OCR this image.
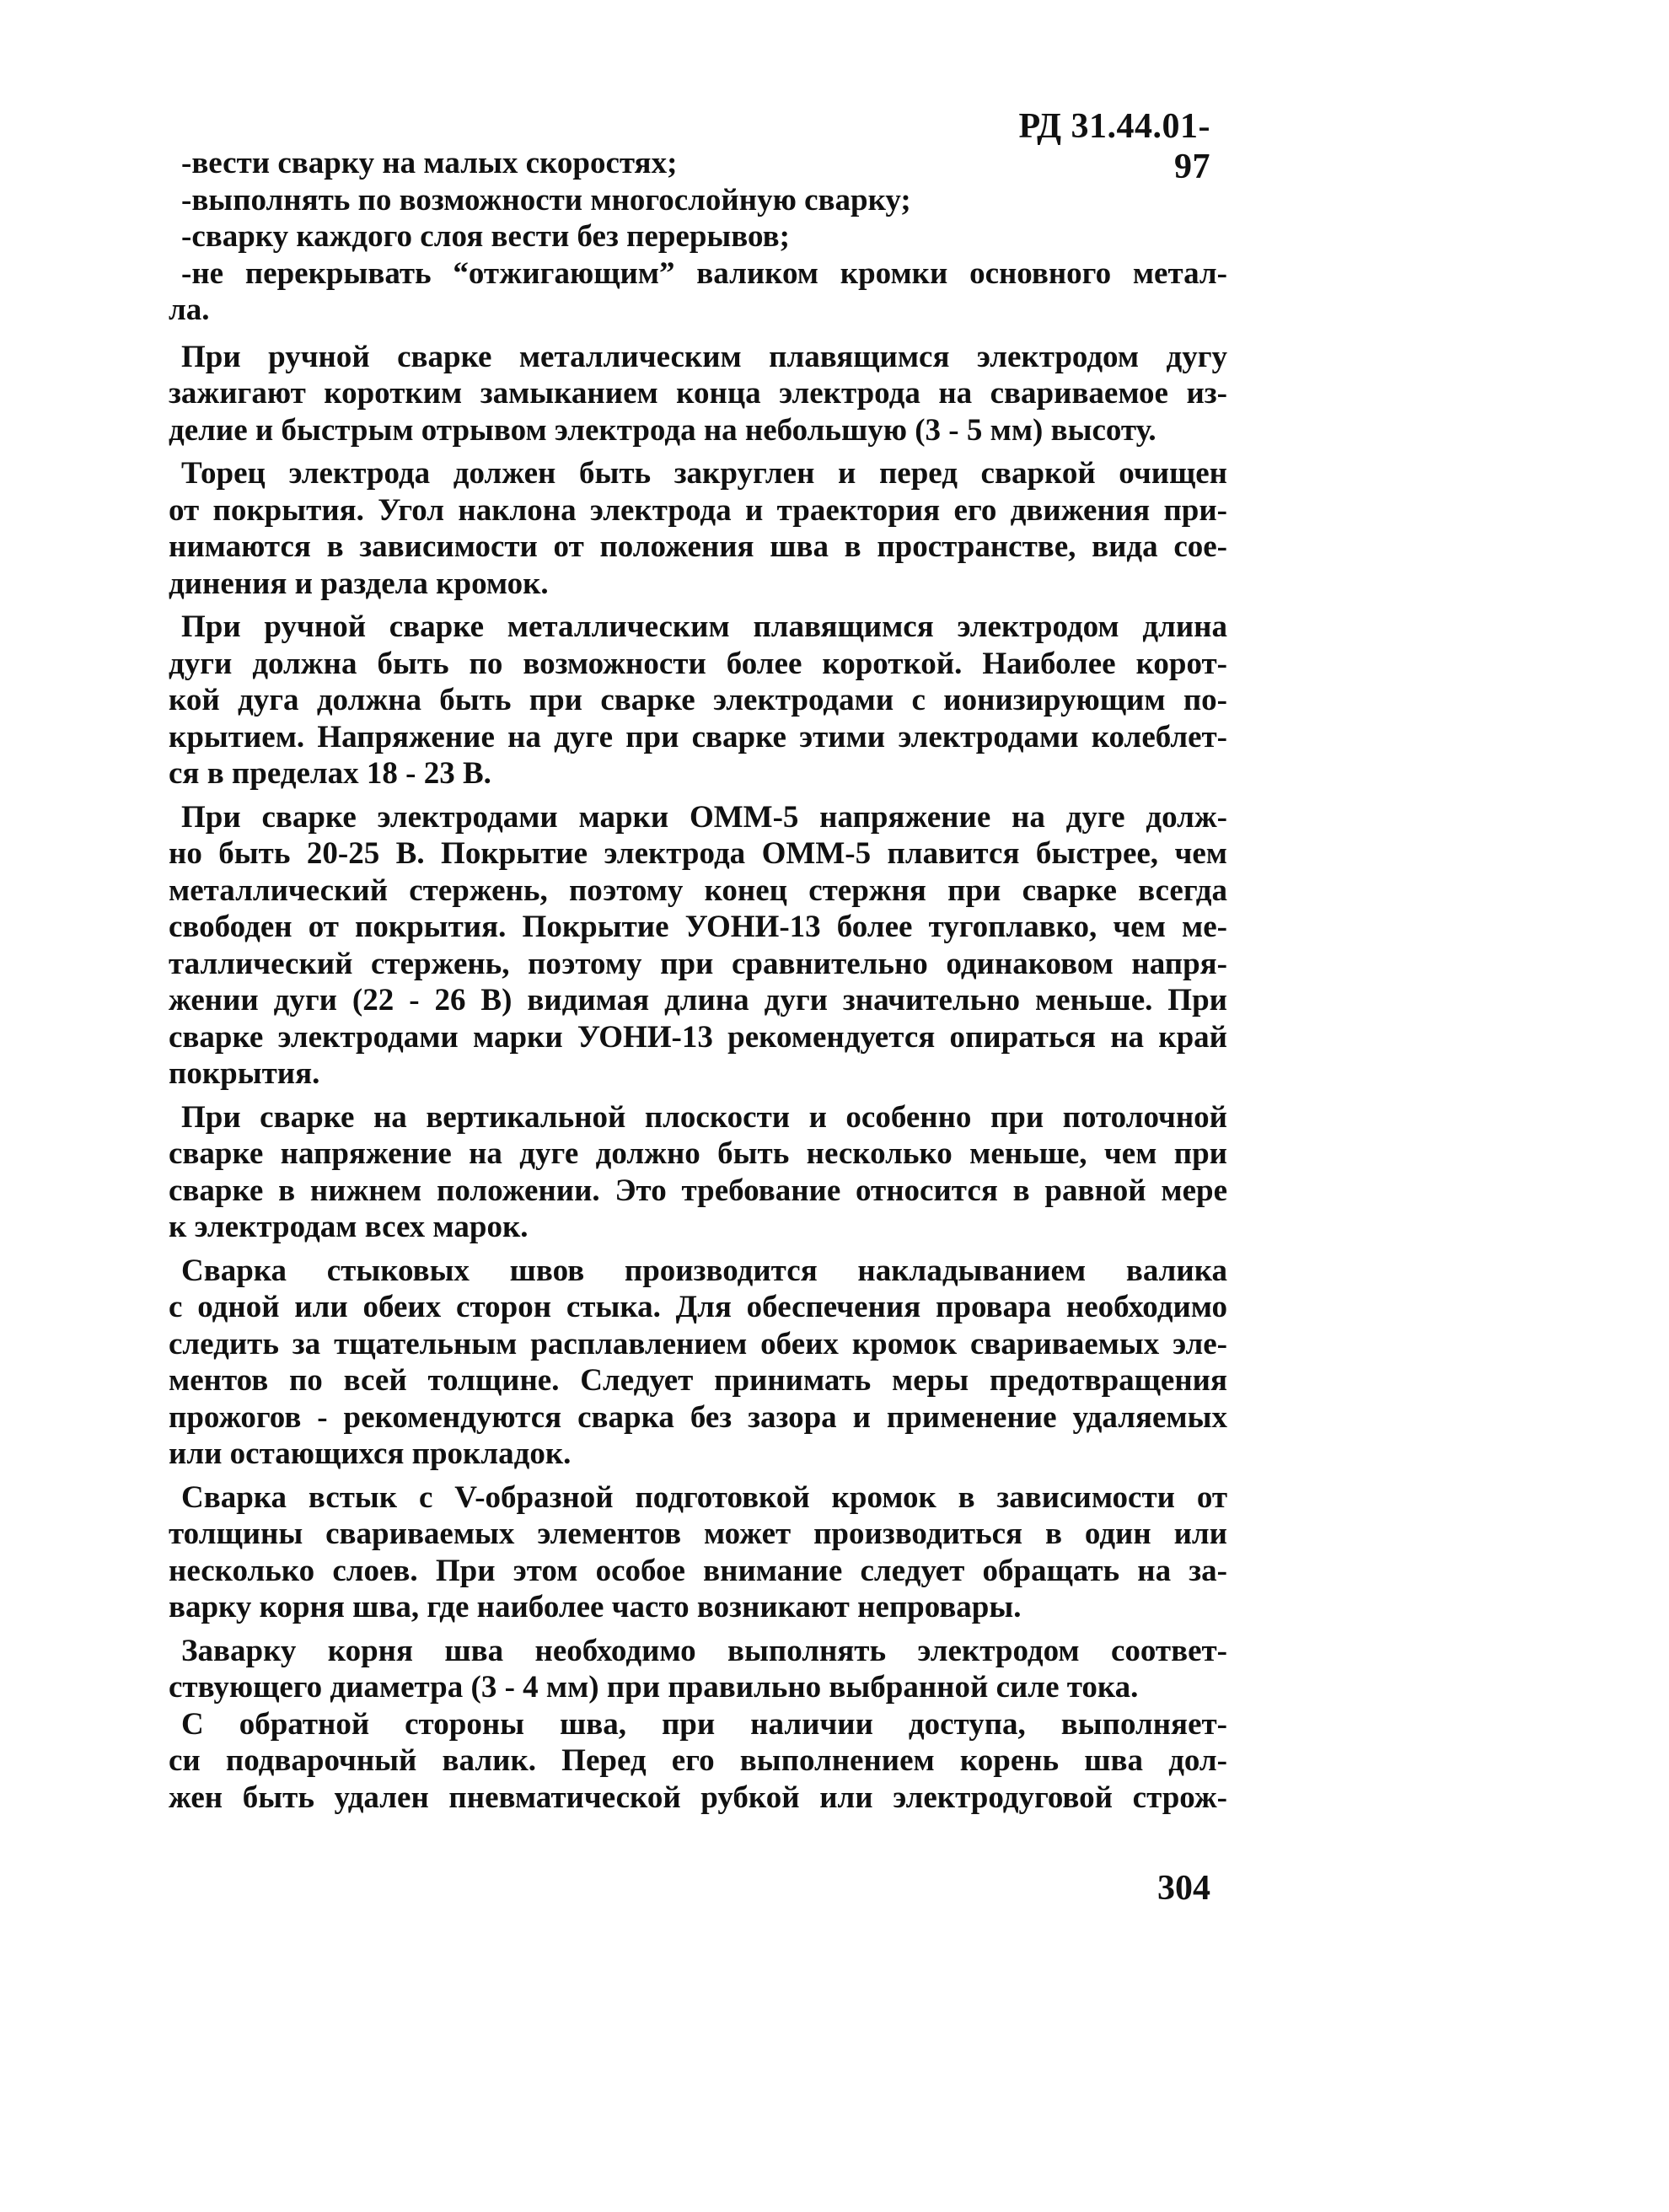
РД 31.44.01-97
-вести сварку на малых скоростях;
-выполнять по возможности многослойную сварку;
-сварку каждого слоя вести без перерывов;
-не перекрывать “отжигающим” валиком кромки основного метал-
ла.
При ручной сварке металлическим плавящимся электродом дугу
зажигают коротким замыканием конца электрода на свариваемое из-
делие и быстрым отрывом электрода на небольшую (3 - 5 мм) высоту.
Торец электрода должен быть закруглен и перед сваркой очищен
от покрытия. Угол наклона электрода и траектория его движения при-
нимаются в зависимости от положения шва в пространстве, вида сое-
динения и раздела кромок.
При ручной сварке металлическим плавящимся электродом длина
дуги должна быть по возможности более короткой. Наиболее корот-
кой дуга должна быть при сварке электродами с ионизирующим по-
крытием. Напряжение на дуге при сварке этими электродами колеблет-
ся в пределах 18 - 23 В.
При сварке электродами марки ОММ-5 напряжение на дуге долж-
но быть 20-25 В. Покрытие электрода ОММ-5 плавится быстрее, чем
металлический стержень, поэтому конец стержня при сварке всегда
свободен от покрытия. Покрытие УОНИ-13 более тугоплавко, чем ме-
таллический стержень, поэтому при сравнительно одинаковом напря-
жении дуги (22 - 26 В) видимая длина дуги значительно меньше. При
сварке электродами марки УОНИ-13 рекомендуется опираться на край
покрытия.
При сварке на вертикальной плоскости и особенно при потолочной
сварке напряжение на дуге должно быть несколько меньше, чем при
сварке в нижнем положении. Это требование относится в равной мере
к электродам всех марок.
Сварка стыковых швов производится накладыванием валика
с одной или обеих сторон стыка. Для обеспечения провара необходимо
следить за тщательным расплавлением обеих кромок свариваемых эле-
ментов по всей толщине. Следует принимать меры предотвращения
прожогов - рекомендуются сварка без зазора и применение удаляемых
или остающихся прокладок.
Сварка встык с V-образной подготовкой кромок в зависимости от
толщины свариваемых элементов может производиться в один или
несколько слоев. При этом особое внимание следует обращать на за-
варку корня шва, где наиболее часто возникают непровары.
Заварку корня шва необходимо выполнять электродом соответ-
ствующего диаметра (3 - 4 мм) при правильно выбранной силе тока.
С обратной стороны шва, при наличии доступа, выполняет-
си подварочный валик. Перед его выполнением корень шва дол-
жен быть удален пневматической рубкой или электродуговой строж-
304
